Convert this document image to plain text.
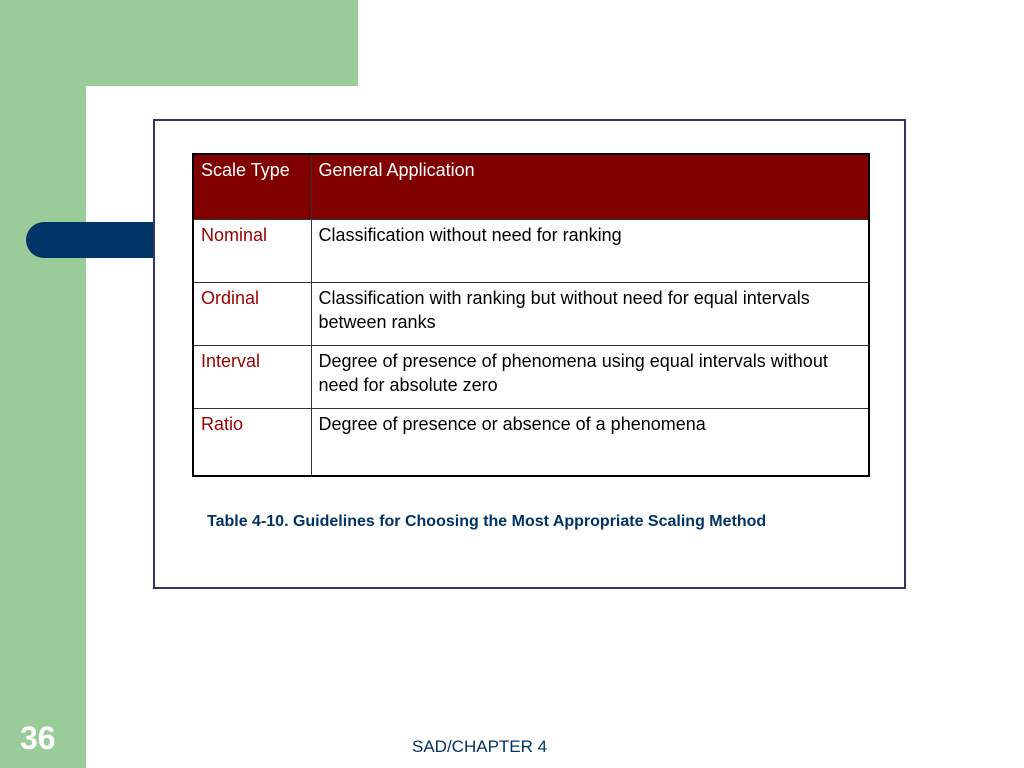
Scale Type	General Application
Nominal	Classification without need for ranking
Ordinal	Classification with ranking but without need for equal intervals between ranks
Interval	Degree of presence of phenomena using equal intervals without need for absolute zero
Ratio	Degree of presence or absence of a phenomena
Table 4-10. Guidelines for Choosing the Most Appropriate Scaling Method
36	SAD/CHAPTER 4
